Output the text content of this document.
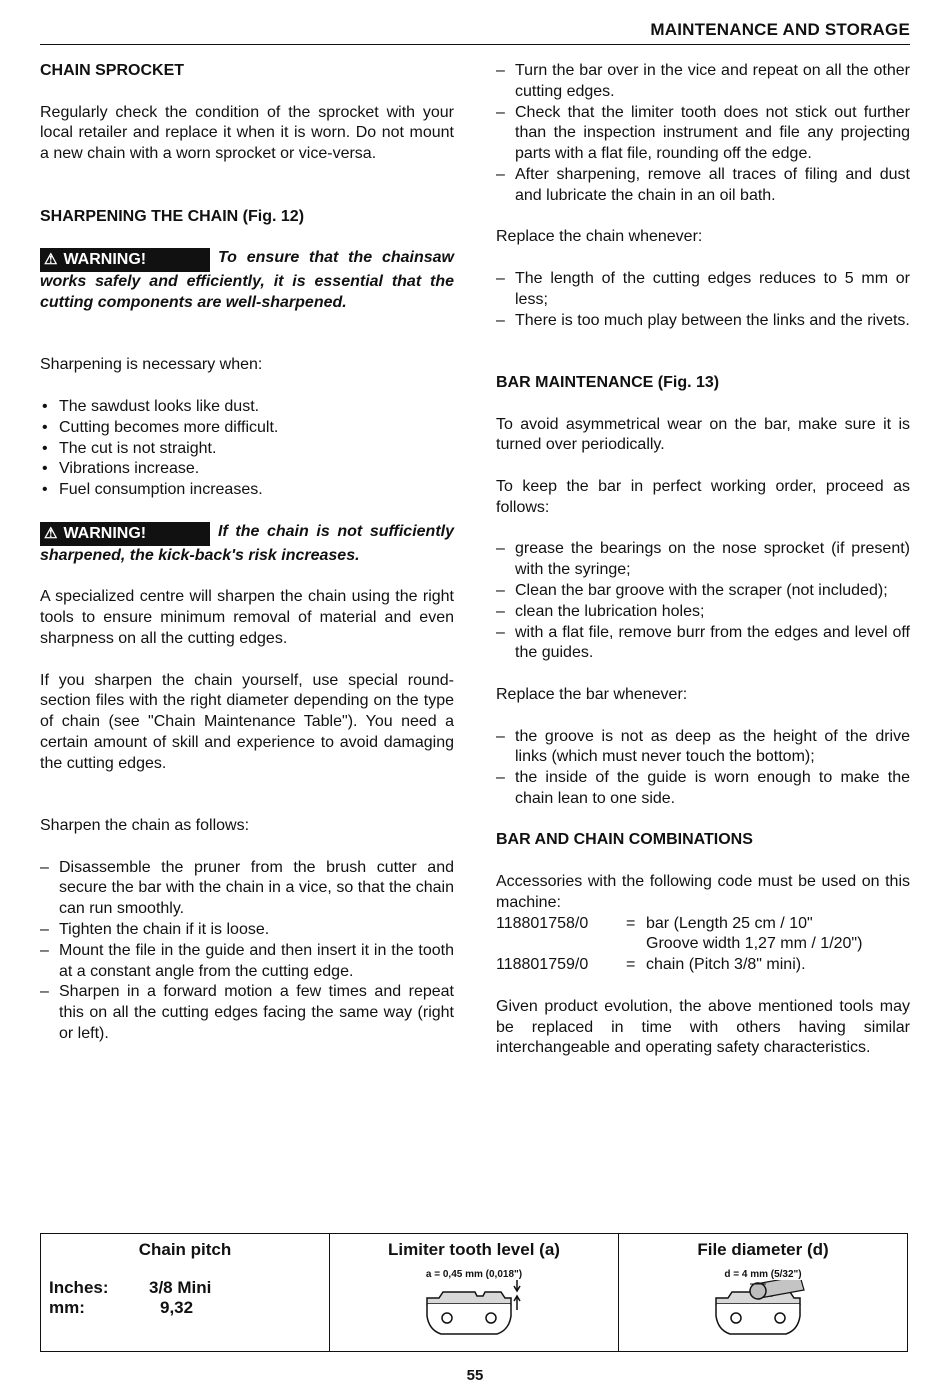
MAINTENANCE AND STORAGE
CHAIN SPROCKET

Regularly check the condition of the sprocket with your local retailer and replace it when it is worn. Do not mount a new chain with a worn sprocket or vice-versa.

SHARPENING THE CHAIN (Fig. 12)
⚠ WARNING!	To ensure that the chainsaw works safely and efficiently, it is essential that the cutting components are well-sharpened.

Sharpening is necessary when:

• The sawdust looks like dust.
• Cutting becomes more difficult.
• The cut is not straight.
• Vibrations increase.
• Fuel consumption increases.
⚠ WARNING!	If the chain is not sufficiently sharpened, the kick-back's risk increases.

A specialized centre will sharpen the chain using the right tools to ensure minimum removal of material and even sharpness on all the cutting edges.

If you sharpen the chain yourself, use special round-section files with the right diameter depending on the type of chain (see "Chain Maintenance Table"). You need a certain amount of skill and experience to avoid damaging the cutting edges.

Sharpen the chain as follows:

– Disassemble the pruner from the brush cutter and secure the bar with the chain in a vice, so that the chain can run smoothly.
– Tighten the chain if it is loose.
– Mount the file in the guide and then insert it in the tooth at a constant angle from the cutting edge.
– Sharpen in a forward motion a few times and repeat this on all the cutting edges facing the same way (right or left).
– Turn the bar over in the vice and repeat on all the other cutting edges.
– Check that the limiter tooth does not stick out further than the inspection instrument and file any projecting parts with a flat file, rounding off the edge.
– After sharpening, remove all traces of filing and dust and lubricate the chain in an oil bath.

Replace the chain whenever:

– The length of the cutting edges reduces to 5 mm or less;
– There is too much play between the links and the rivets.
BAR MAINTENANCE (Fig. 13)

To avoid asymmetrical wear on the bar, make sure it is turned over periodically.

To keep the bar in perfect working order, proceed as follows:

– grease the bearings on the nose sprocket (if present) with the syringe;
– Clean the bar groove with the scraper (not included);
– clean the lubrication holes;
– with a flat file, remove burr from the edges and level off the guides.

Replace the bar whenever:

– the groove is not as deep as the height of the drive links (which must never touch the bottom);
– the inside of the guide is worn enough to make the chain lean to one side.
BAR AND CHAIN COMBINATIONS
Accessories with the following code must be used on this machine:
118801758/0	= bar (Length 25 cm / 10"
Groove width 1,27 mm / 1/20")
118801759/0	= chain (Pitch 3/8" mini).

Given product evolution, the above mentioned tools may be replaced in time with others having similar interchangeable and operating safety characteristics.

Chain pitch
Inches:	3/8 Mini
mm:	9,32
Limiter tooth level (a)
a = 0,45 mm (0,018")
File diameter (d)
d = 4 mm (5/32")
55
